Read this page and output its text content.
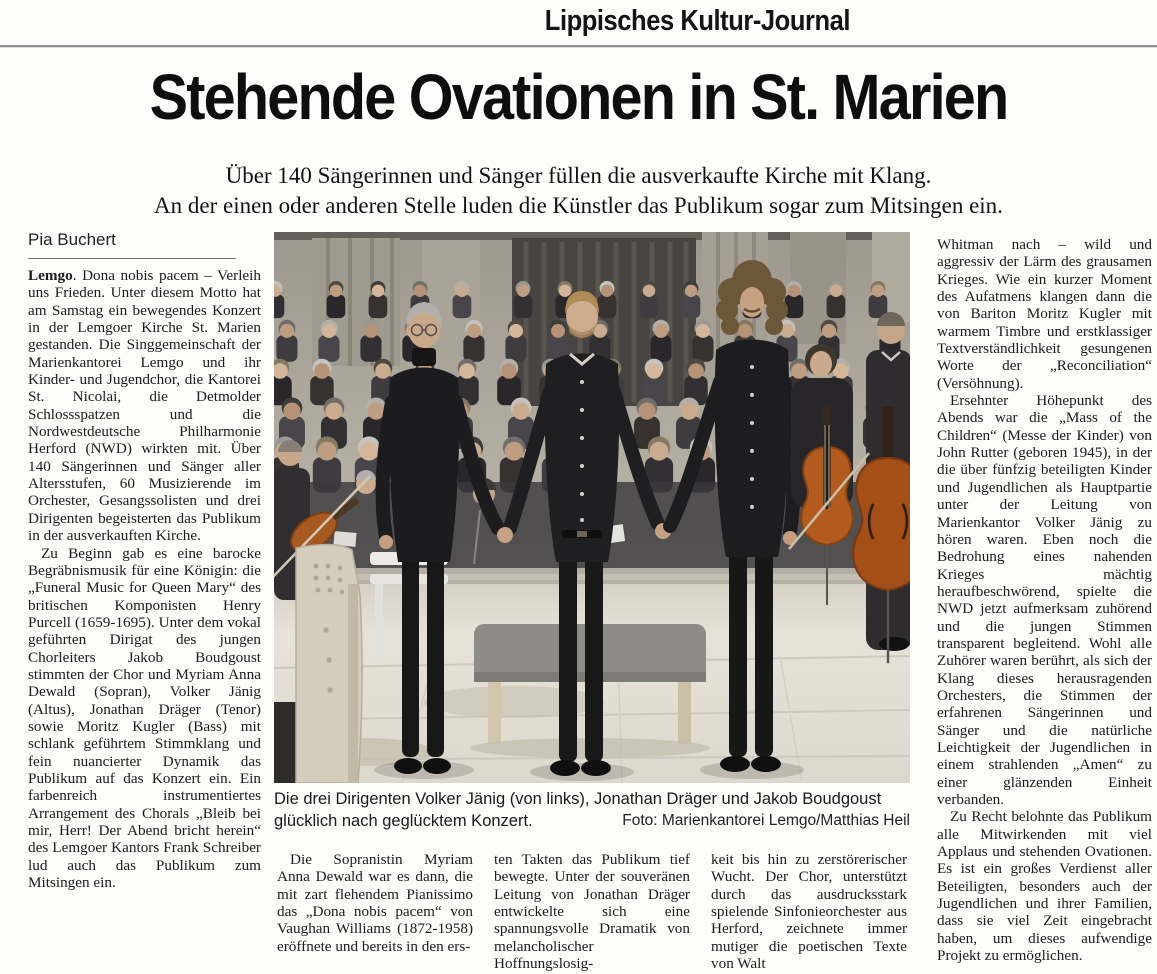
Lippisches Kultur-Journal
Stehende Ovationen in St. Marien
Über 140 Sängerinnen und Sänger füllen die ausverkaufte Kirche mit Klang.
An der einen oder anderen Stelle luden die Künstler das Publikum sogar zum Mitsingen ein.
Pia Buchert

Lemgo. Dona nobis pacem – Verleih uns Frieden. Unter diesem Motto hat am Samstag ein bewegendes Konzert in der Lemgoer Kirche St. Marien gestanden. Die Singgemeinschaft der Marienkantorei Lemgo und ihr Kinder- und Jugendchor, die Kantorei St. Nicolai, die Detmolder Schlossspatzen und die Nordwestdeutsche Philharmonie Herford (NWD) wirkten mit. Über 140 Sängerinnen und Sänger aller Altersstufen, 60 Musizierende im Orchester, Gesangssolisten und drei Dirigenten begeisterten das Publikum in der ausverkauften Kirche.

Zu Beginn gab es eine barocke Begräbnismusik für eine Königin: die „Funeral Music for Queen Mary“ des britischen Komponisten Henry Purcell (1659-1695). Unter dem vokal geführten Dirigat des jungen Chorleiters Jakob Boudgoust stimmten der Chor und Myriam Anna Dewald (Sopran), Volker Jänig (Altus), Jonathan Dräger (Tenor) sowie Moritz Kugler (Bass) mit schlank geführtem Stimmklang und fein nuancierter Dynamik das Publikum auf das Konzert ein. Ein farbenreich instrumentiertes Arrangement des Chorals „Bleib bei mir, Herr! Der Abend bricht herein“ des Lemgoer Kantors Frank Schreiber lud auch das Publikum zum Mitsingen ein.

Die drei Dirigenten Volker Jänig (von links), Jonathan Dräger und Jakob Boudgoust glücklich nach geglücktem Konzert.	Foto: Marienkantorei Lemgo/Matthias Heil
Die Sopranistin Myriam Anna Dewald war es dann, die mit zart flehendem Pianissimo das „Dona nobis pacem“ von Vaughan Williams (1872-1958) eröffnete und bereits in den ers-
ten Takten das Publikum tief bewegte. Unter der souveränen Leitung von Jonathan Dräger entwickelte sich eine spannungsvolle Dramatik von melancholischer Hoffnungslosig-
keit bis hin zu zerstörerischer Wucht. Der Chor, unterstützt durch das ausdrucksstark spielende Sinfonieorchester aus Herford, zeichnete immer mutiger die poetischen Texte von Walt

Whitman nach – wild und aggressiv der Lärm des grausamen Krieges. Wie ein kurzer Moment des Aufatmens klangen dann die von Bariton Moritz Kugler mit warmem Timbre und erstklassiger Textverständlichkeit gesungenen Worte der „Reconciliation“ (Versöhnung).

Ersehnter Höhepunkt des Abends war die „Mass of the Children“ (Messe der Kinder) von John Rutter (geboren 1945), in der die über fünfzig beteiligten Kinder und Jugendlichen als Hauptpartie unter der Leitung von Marienkantor Volker Jänig zu hören waren. Eben noch die Bedrohung eines nahenden Krieges mächtig heraufbeschwörend, spielte die NWD jetzt aufmerksam zuhörend und die jungen Stimmen transparent begleitend. Wohl alle Zuhörer waren berührt, als sich der Klang dieses herausragenden Orchesters, die Stimmen der erfahrenen Sängerinnen und Sänger und die natürliche Leichtigkeit der Jugendlichen in einem strahlenden „Amen“ zu einer glänzenden Einheit verbanden.

Zu Recht belohnte das Publikum alle Mitwirkenden mit viel Applaus und stehenden Ovationen. Es ist ein großes Verdienst aller Beteiligten, besonders auch der Jugendlichen und ihrer Familien, dass sie viel Zeit eingebracht haben, um dieses aufwendige Projekt zu ermöglichen.
